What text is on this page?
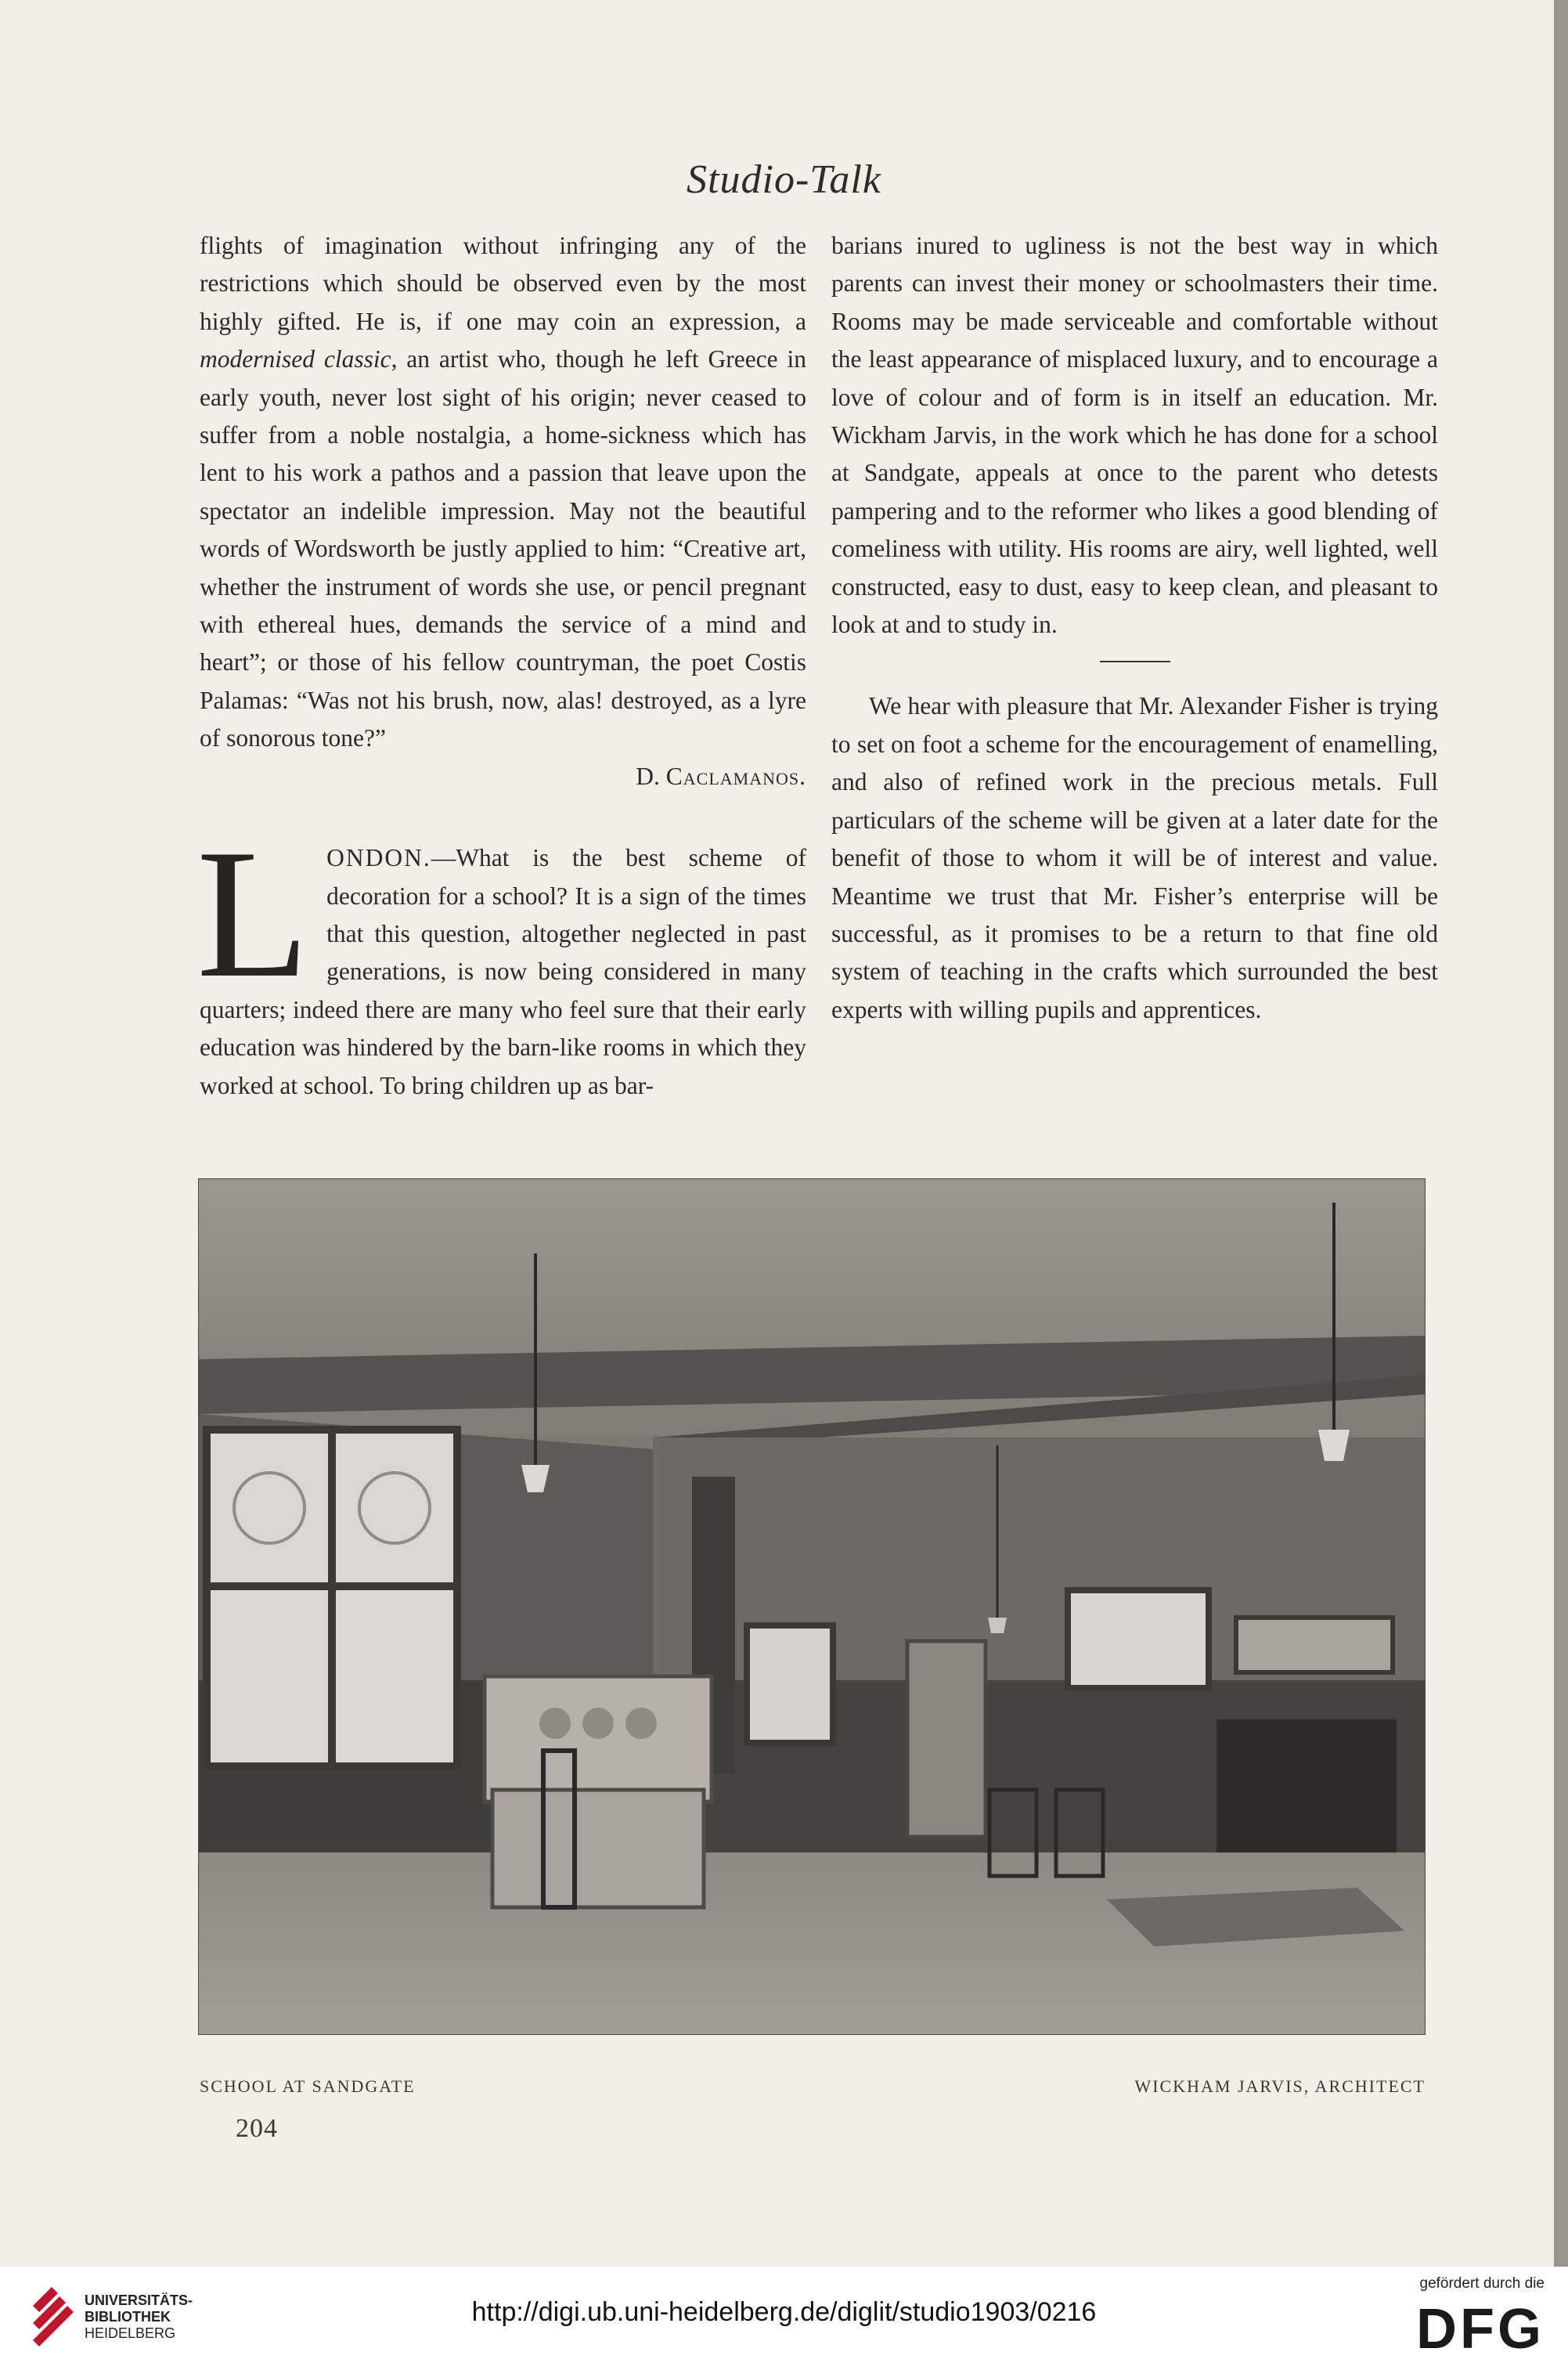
Studio-Talk

flights of imagination without infringing any of the restrictions which should be observed even by the most highly gifted. He is, if one may coin an expression, a modernised classic, an artist who, though he left Greece in early youth, never lost sight of his origin; never ceased to suffer from a noble nostalgia, a home-sickness which has lent to his work a pathos and a passion that leave upon the spectator an indelible impression. May not the beautiful words of Wordsworth be justly applied to him: “Creative art, whether the instrument of words she use, or pencil pregnant with ethereal hues, demands the service of a mind and heart”; or those of his fellow countryman, the poet Costis Palamas: “Was not his brush, now, alas! destroyed, as a lyre of sonorous tone?”

D. Caclamanos.

LONDON.—What is the best scheme of decoration for a school? It is a sign of the times that this question, altogether neglected in past generations, is now being considered in many quarters; indeed there are many who feel sure that their early education was hindered by the barn-like rooms in which they worked at school. To bring children up as bar-

barians inured to ugliness is not the best way in which parents can invest their money or schoolmasters their time. Rooms may be made serviceable and comfortable without the least appearance of misplaced luxury, and to encourage a love of colour and of form is in itself an education. Mr. Wickham Jarvis, in the work which he has done for a school at Sandgate, appeals at once to the parent who detests pampering and to the reformer who likes a good blending of comeliness with utility. His rooms are airy, well lighted, well constructed, easy to dust, easy to keep clean, and pleasant to look at and to study in.

We hear with pleasure that Mr. Alexander Fisher is trying to set on foot a scheme for the encouragement of enamelling, and also of refined work in the precious metals. Full particulars of the scheme will be given at a later date for the benefit of those to whom it will be of interest and value. Meantime we trust that Mr. Fisher’s enterprise will be successful, as it promises to be a return to that fine old system of teaching in the crafts which surrounded the best experts with willing pupils and apprentices.

SCHOOL AT SANDGATE	WICKHAM JARVIS, ARCHITECT
204
UNIVERSITÄTS-
BIBLIOTHEK
HEIDELBERG
http://digi.ub.uni-heidelberg.de/diglit/studio1903/0216
gefördert durch die
DFG
